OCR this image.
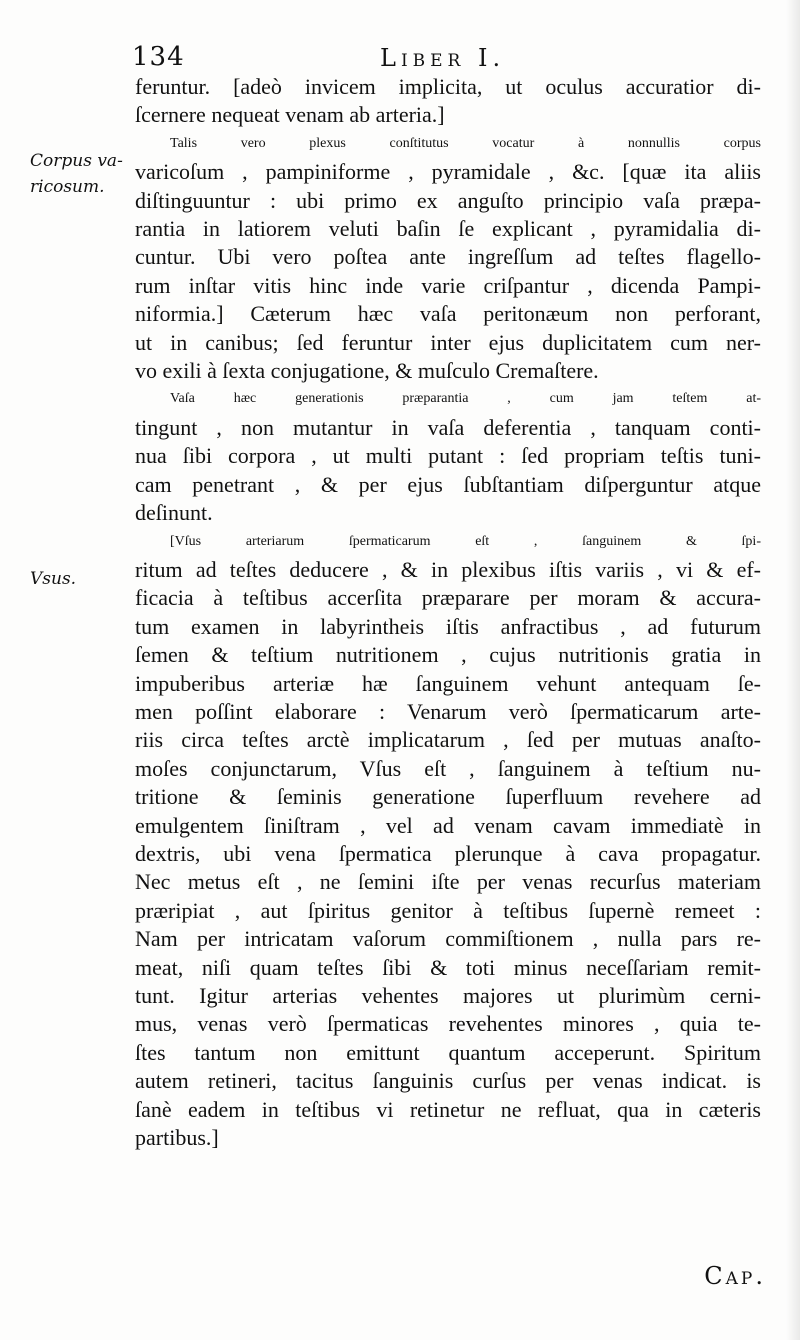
134	Liber I.
Corpus va-
ricosum.
Vsus.

feruntur. [adeò invicem implicita, ut oculus accuratior di-
ſcernere nequeat venam ab arteria.]

Talis vero plexus conſtitutus vocatur à nonnullis corpus
varicoſum , pampiniforme , pyramidale , &c. [quæ ita aliis
diſtinguuntur : ubi primo ex anguſto principio vaſa præpa-
rantia in latiorem veluti baſin ſe explicant , pyramidalia di-
cuntur. Ubi vero poſtea ante ingreſſum ad teſtes flagello-
rum inſtar vitis hinc inde varie criſpantur , dicenda Pampi-
niformia.] Cæterum hæc vaſa peritonæum non perforant,
ut in canibus; ſed feruntur inter ejus duplicitatem cum ner-
vo exili à ſexta conjugatione, & muſculo Cremaſtere.

Vaſa hæc generationis præparantia , cum jam teſtem at-
tingunt , non mutantur in vaſa deferentia , tanquam conti-
nua ſibi corpora , ut multi putant : ſed propriam teſtis tuni-
cam penetrant , & per ejus ſubſtantiam diſperguntur atque
deſinunt.

[Vſus arteriarum ſpermaticarum eſt , ſanguinem & ſpi-
ritum ad teſtes deducere , & in plexibus iſtis variis , vi & ef-
ficacia à teſtibus accerſita præparare per moram & accura-
tum examen in labyrintheis iſtis anfractibus , ad futurum
ſemen & teſtium nutritionem , cujus nutritionis gratia in
impuberibus arteriæ hæ ſanguinem vehunt antequam ſe-
men poſſint elaborare : Venarum verò ſpermaticarum arte-
riis circa teſtes arctè implicatarum , ſed per mutuas anaſto-
moſes conjunctarum, Vſus eſt , ſanguinem à teſtium nu-
tritione & ſeminis generatione ſuperfluum revehere ad
emulgentem ſiniſtram , vel ad venam cavam immediatè in
dextris, ubi vena ſpermatica plerunque à cava propagatur.
Nec metus eſt , ne ſemini iſte per venas recurſus materiam
præripiat , aut ſpiritus genitor à teſtibus ſupernè remeet :
Nam per intricatam vaſorum commiſtionem , nulla pars re-
meat, niſi quam teſtes ſibi & toti minus neceſſariam remit-
tunt. Igitur arterias vehentes majores ut plurimùm cerni-
mus, venas verò ſpermaticas revehentes minores , quia te-
ſtes tantum non emittunt quantum acceperunt. Spiritum
autem retineri, tacitus ſanguinis curſus per venas indicat. is
ſanè eadem in teſtibus vi retinetur ne refluat, qua in cæteris
partibus.]

Cap.
